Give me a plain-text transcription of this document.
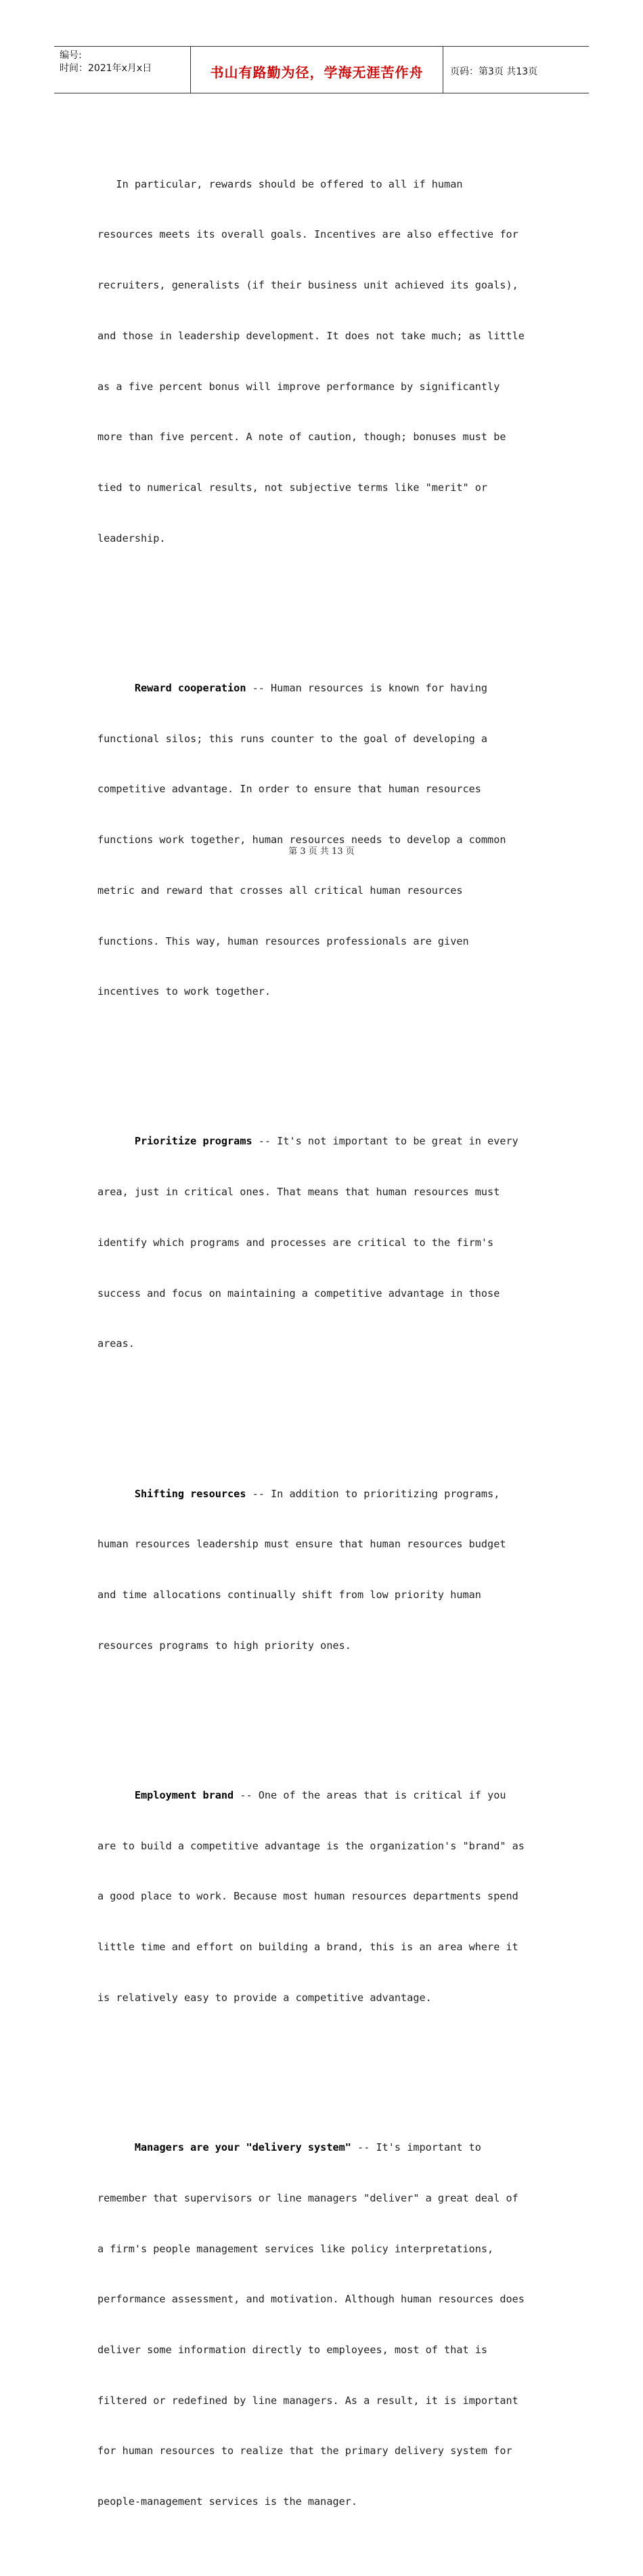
编号:
时间：2021年x月x日	书山有路勤为径，学海无涯苦作舟	页码：第3页 共13页

In particular, rewards should be offered to all if human

resources meets its overall goals. Incentives are also effective for

recruiters, generalists (if their business unit achieved its goals),

and those in leadership development. It does not take much; as little

as a five percent bonus will improve performance by significantly

more than five percent. A note of caution, though; bonuses must be

tied to numerical results, not subjective terms like "merit" or

leadership.

Reward cooperation -- Human resources is known for having

functional silos; this runs counter to the goal of developing a

competitive advantage. In order to ensure that human resources

functions work together, human resources needs to develop a common

metric and reward that crosses all critical human resources

functions. This way, human resources professionals are given

incentives to work together.

Prioritize programs -- It's not important to be great in every

area, just in critical ones. That means that human resources must

identify which programs and processes are critical to the firm's

success and focus on maintaining a competitive advantage in those

areas.

Shifting resources -- In addition to prioritizing programs,

human resources leadership must ensure that human resources budget

and time allocations continually shift from low priority human

resources programs to high priority ones.

Employment brand -- One of the areas that is critical if you

are to build a competitive advantage is the organization's "brand" as

a good place to work. Because most human resources departments spend

little time and effort on building a brand, this is an area where it

is relatively easy to provide a competitive advantage.

Managers are your "delivery system" -- It's important to

remember that supervisors or line managers "deliver" a great deal of

a firm's people management services like policy interpretations,

performance assessment, and motivation. Although human resources does

deliver some information directly to employees, most of that is

filtered or redefined by line managers. As a result, it is important

for human resources to realize that the primary delivery system for

people-management services is the manager.

第 3 页 共 13 页
